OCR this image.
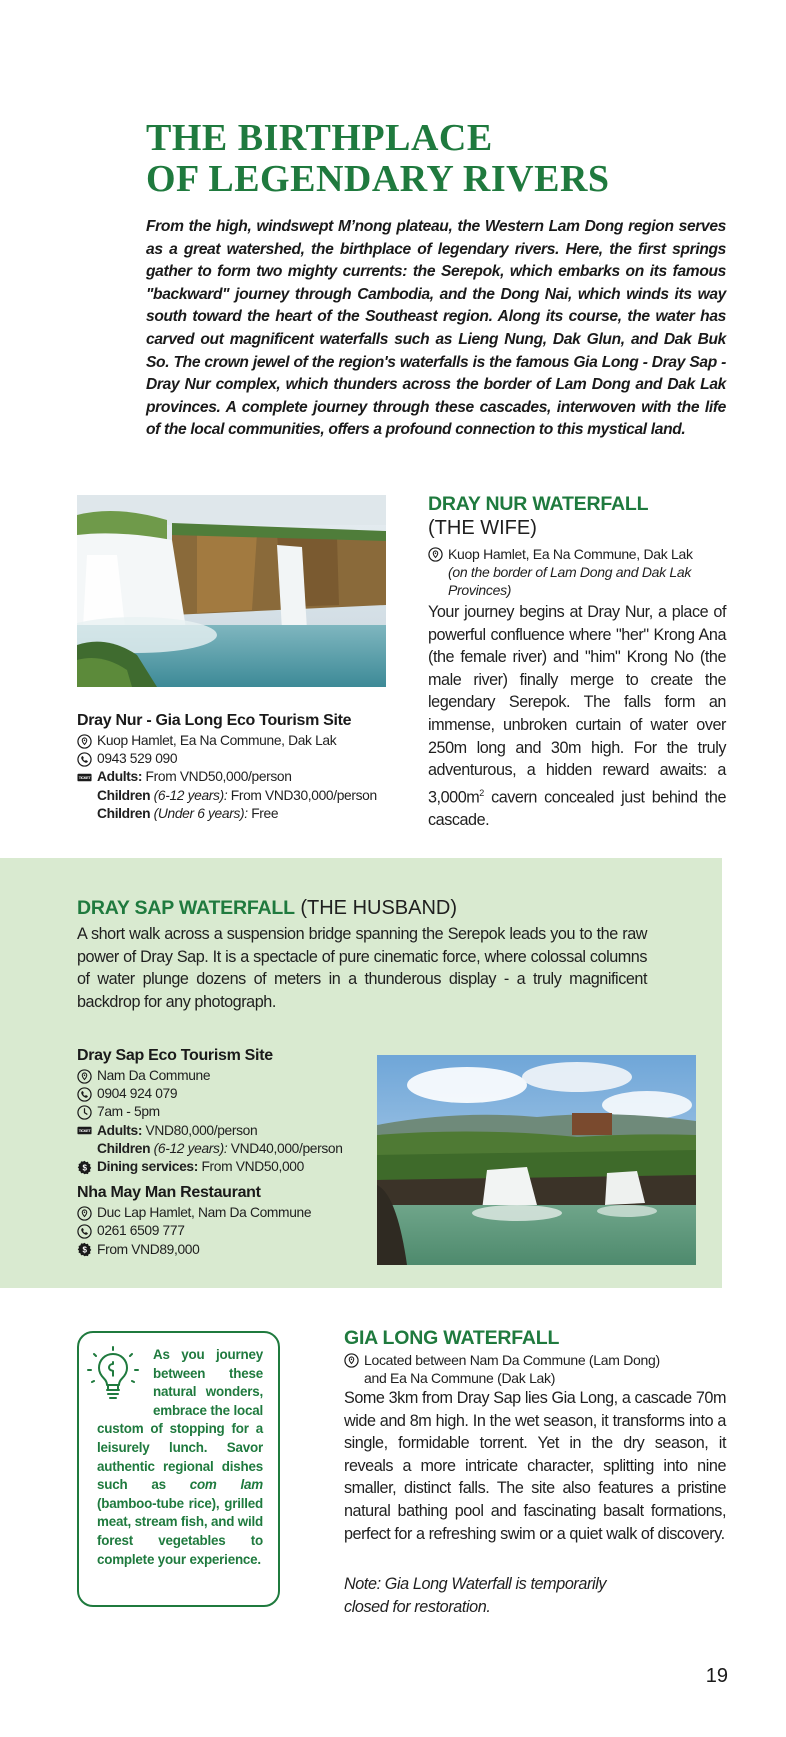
THE BIRTHPLACE
OF LEGENDARY RIVERS
From the high, windswept M’nong plateau, the Western Lam Dong region serves as a great watershed, the birthplace of legendary rivers. Here, the first springs gather to form two mighty currents: the Serepok, which embarks on its famous "backward" journey through Cambodia, and the Dong Nai, which winds its way south toward the heart of the Southeast region. Along its course, the water has carved out magnificent waterfalls such as Lieng Nung, Dak Glun, and Dak Buk So. The crown jewel of the region's waterfalls is the famous Gia Long - Dray Sap - Dray Nur complex, which thunders across the border of Lam Dong and Dak Lak provinces. A complete journey through these cascades, interwoven with the life of the local communities, offers a profound connection to this mystical land.
DRAY NUR WATERFALL
(THE WIFE)
Kuop Hamlet, Ea Na Commune, Dak Lak
(on the border of Lam Dong and Dak Lak
Provinces)
Your journey begins at Dray Nur, a place of powerful confluence where "her" Krong Ana (the female river) and "him" Krong No (the male river) finally merge to create the legendary Serepok. The falls form an immense, unbroken curtain of water over 250m long and 30m high. For the truly adventurous, a hidden reward awaits: a $3,000m^2$ cavern concealed just behind the cascade.
Dray Nur - Gia Long Eco Tourism Site
Kuop Hamlet, Ea Na Commune, Dak Lak
0943 529 090
TICKET Adults: From VND50,000/person
Children (6-12 years): From VND30,000/person
Children (Under 6 years): Free
DRAY SAP WATERFALL (THE HUSBAND)
A short walk across a suspension bridge spanning the Serepok leads you to the raw power of Dray Sap. It is a spectacle of pure cinematic force, where colossal columns of water plunge dozens of meters in a thunderous display - a truly magnificent backdrop for any photograph.
Dray Sap Eco Tourism Site
Nam Da Commune
0904 924 079
7am - 5pm
TICKET Adults: VND80,000/person
Children (6-12 years): VND40,000/person
$ Dining services: From VND50,000
Nha May Man Restaurant
Duc Lap Hamlet, Nam Da Commune
0261 6509 777
$ From VND89,000
As you journey between these natural wonders, embrace the local custom of stopping for a leisurely lunch. Savor authentic regional dishes such as com lam (bamboo-tube rice), grilled meat, stream fish, and wild forest vegetables to complete your experience.
GIA LONG WATERFALL
Located between Nam Da Commune (Lam Dong)
and Ea Na Commune (Dak Lak)
Some 3km from Dray Sap lies Gia Long, a cascade 70m wide and 8m high. In the wet season, it transforms into a single, formidable torrent. Yet in the dry season, it reveals a more intricate character, splitting into nine smaller, distinct falls. The site also features a pristine natural bathing pool and fascinating basalt formations, perfect for a refreshing swim or a quiet walk of discovery.
Note: Gia Long Waterfall is temporarily
closed for restoration.
19
